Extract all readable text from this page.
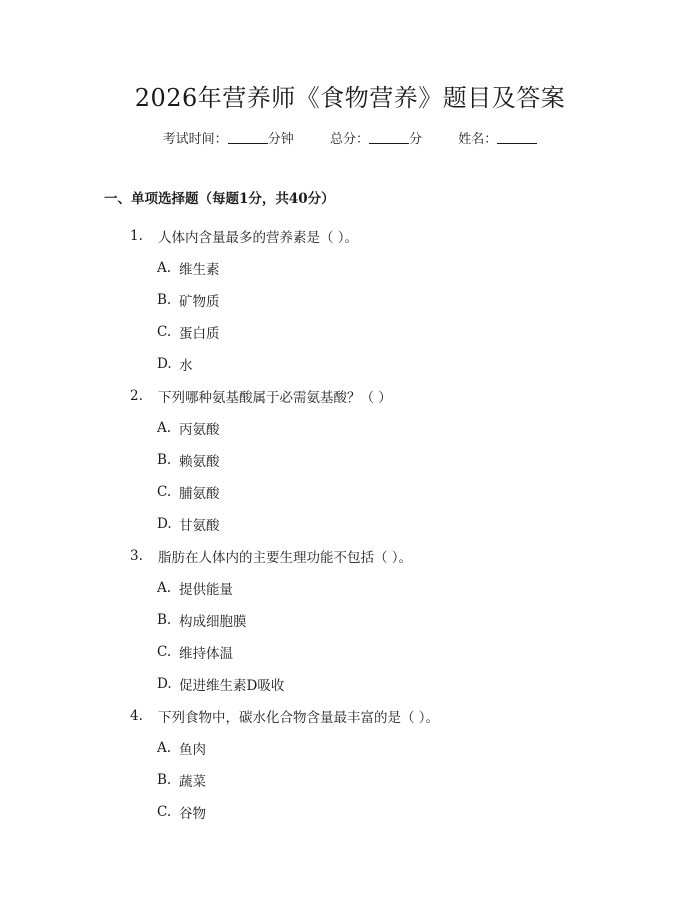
2026年营养师《食物营养》题目及答案
考试时间：	分钟	总分：	分	姓名：
一、单项选择题（每题1分，共40分）
1.	人体内含量最多的营养素是（ ）。
A. 维生素
B. 矿物质
C. 蛋白质
D. 水
2.	下列哪种氨基酸属于必需氨基酸？（ ）
A. 丙氨酸
B. 赖氨酸
C. 脯氨酸
D. 甘氨酸
3.	脂肪在人体内的主要生理功能不包括（ ）。
A. 提供能量
B. 构成细胞膜
C. 维持体温
D. 促进维生素D吸收
4.	下列食物中，碳水化合物含量最丰富的是（ ）。
A. 鱼肉
B. 蔬菜
C. 谷物
